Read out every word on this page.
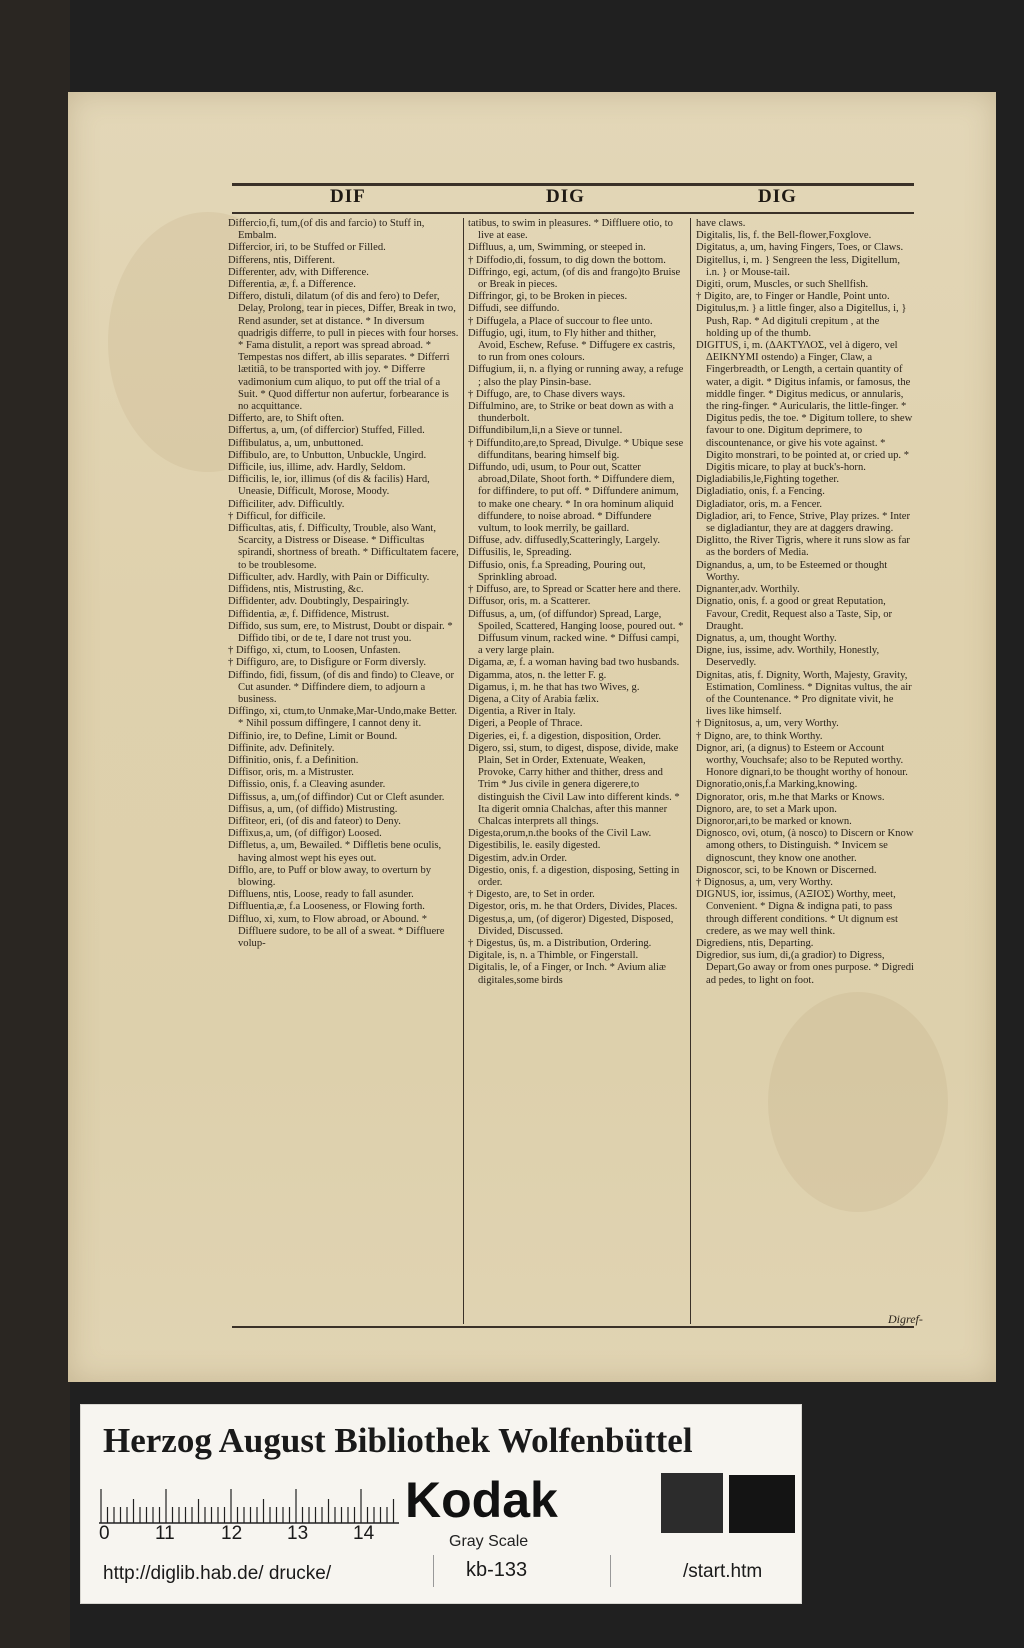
DIF	DIG	DIG

Differcio,fi, tum,(of dis and farcio) to Stuff in, Embalm.

Differcior, iri, to be Stuffed or Filled.

Differens, ntis, Different.

Differenter, adv, with Difference.

Differentia, æ, f. a Difference.

Differo, distuli, dilatum (of dis and fero) to Defer, Delay, Prolong, tear in pieces, Differ, Break in two, Rend asunder, set at distance. * In diversum quadrigis differre, to pull in pieces with four horses. * Fama distulit, a report was spread abroad. * Tempestas nos differt, ab illis separates. * Differri lætitiâ, to be transported with joy. * Differre vadimonium cum aliquo, to put off the trial of a Suit. * Quod differtur non aufertur, forbearance is no acquittance.

Differto, are, to Shift often.

Differtus, a, um, (of differcior) Stuffed, Filled.

Diffibulatus, a, um, unbuttoned.

Diffibulo, are, to Unbutton, Unbuckle, Ungird.

Difficile, ius, illime, adv. Hardly, Seldom.

Difficilis, le, ior, illimus (of dis & facilis) Hard, Uneasie, Difficult, Morose, Moody.

Difficiliter, adv. Difficultly.

† Difficul, for difficile.

Difficultas, atis, f. Difficulty, Trouble, also Want, Scarcity, a Distress or Disease. * Difficultas spirandi, shortness of breath. * Difficultatem facere, to be troublesome.

Difficulter, adv. Hardly, with Pain or Difficulty.

Diffidens, ntis, Mistrusting, &c.

Diffidenter, adv. Doubtingly, Despairingly.

Diffidentia, æ, f. Diffidence, Mistrust.

Diffido, sus sum, ere, to Mistrust, Doubt or dispair. * Diffido tibi, or de te, I dare not trust you.

† Diffigo, xi, ctum, to Loosen, Unfasten.

† Diffiguro, are, to Disfigure or Form diversly.

Diffindo, fidi, fissum, (of dis and findo) to Cleave, or Cut asunder. * Diffindere diem, to adjourn a business.

Diffingo, xi, ctum,to Unmake,Mar-Undo,make Better. * Nihil possum diffingere, I cannot deny it.

Diffinio, ire, to Define, Limit or Bound.

Diffinite, adv. Definitely.

Diffinitio, onis, f. a Definition.

Diffisor, oris, m. a Mistruster.

Diffissio, onis, f. a Cleaving asunder.

Diffissus, a, um,(of diffindor) Cut or Cleft asunder.

Diffisus, a, um, (of diffido) Mistrusting.

Diffiteor, eri, (of dis and fateor) to Deny.

Diffixus,a, um, (of diffigor) Loosed.

Diffletus, a, um, Bewailed. * Diffletis bene oculis, having almost wept his eyes out.

Difflo, are, to Puff or blow away, to overturn by blowing.

Diffluens, ntis, Loose, ready to fall asunder.

Diffluentia,æ, f.a Looseness, or Flowing forth.

Diffluo, xi, xum, to Flow abroad, or Abound. * Diffluere sudore, to be all of a sweat. * Diffluere volup-

tatibus, to swim in pleasures. * Diffluere otio, to live at ease.

Diffluus, a, um, Swimming, or steeped in.

† Diffodio,di, fossum, to dig down the bottom.

Diffringo, egi, actum, (of dis and frango)to Bruise or Break in pieces.

Diffringor, gi, to be Broken in pieces.

Diffudi, see diffundo.

† Diffugela, a Place of succour to flee unto.

Diffugio, ugi, itum, to Fly hither and thither, Avoid, Eschew, Refuse. * Diffugere ex castris, to run from ones colours.

Diffugium, ii, n. a flying or running away, a refuge ; also the play Pinsin-base.

† Diffugo, are, to Chase divers ways.

Diffulmino, are, to Strike or beat down as with a thunderbolt.

Diffundibilum,li,n a Sieve or tunnel.

† Diffundito,are,to Spread, Divulge. * Ubique sese diffunditans, bearing himself big.

Diffundo, udi, usum, to Pour out, Scatter abroad,Dilate, Shoot forth. * Diffundere diem, for diffindere, to put off. * Diffundere animum, to make one cheary. * In ora hominum aliquid diffundere, to noise abroad. * Diffundere vultum, to look merrily, be gaillard.

Diffuse, adv. diffusedly,Scatteringly, Largely.

Diffusilis, le, Spreading.

Diffusio, onis, f.a Spreading, Pouring out, Sprinkling abroad.

† Diffuso, are, to Spread or Scatter here and there.

Diffusor, oris, m. a Scatterer.

Diffusus, a, um, (of diffundor) Spread, Large, Spoiled, Scattered, Hanging loose, poured out. * Diffusum vinum, racked wine. * Diffusi campi, a very large plain.

Digama, æ, f. a woman having bad two husbands.

Digamma, atos, n. the letter F. g.

Digamus, i, m. he that has two Wives, g.

Digena, a City of Arabia fælix.

Digentia, a River in Italy.

Digeri, a People of Thrace.

Digeries, ei, f. a digestion, disposition, Order.

Digero, ssi, stum, to digest, dispose, divide, make Plain, Set in Order, Extenuate, Weaken, Provoke, Carry hither and thither, dress and Trim * Jus civile in genera digerere,to distinguish the Civil Law into different kinds. * Ita digerit omnia Chalchas, after this manner Chalcas interprets all things.

Digesta,orum,n.the books of the Civil Law.

Digestibilis, le. easily digested.

Digestim, adv.in Order.

Digestio, onis, f. a digestion, disposing, Setting in order.

† Digesto, are, to Set in order.

Digestor, oris, m. he that Orders, Divides, Places.

Digestus,a, um, (of digeror) Digested, Disposed, Divided, Discussed.

† Digestus, ûs, m. a Distribution, Ordering.

Digitale, is, n. a Thimble, or Fingerstall.

Digitalis, le, of a Finger, or Inch. * Avium aliæ digitales,some birds

have claws.

Digitalis, lis, f. the Bell-flower,Foxglove.

Digitatus, a, um, having Fingers, Toes, or Claws.

Digitellus, i, m. } Sengreen the less, Digitellum, i.n. } or Mouse-tail.

Digiti, orum, Muscles, or such Shellfish.

† Digito, are, to Finger or Handle, Point unto.

Digitulus,m. } a little finger, also a Digitellus, i, } Push, Rap. * Ad digituli crepitum , at the holding up of the thumb.

DIGITUS, i, m. (ΔΑΚΤΥΛΟΣ, vel à digero, vel ΔΕΙΚΝΥΜΙ ostendo) a Finger, Claw, a Fingerbreadth, or Length, a certain quantity of water, a digit. * Digitus infamis, or famosus, the middle finger. * Digitus medicus, or annularis, the ring-finger. * Auricularis, the little-finger. * Digitus pedis, the toe. * Digitum tollere, to shew favour to one. Digitum deprimere, to discountenance, or give his vote against. * Digito monstrari, to be pointed at, or cried up. * Digitis micare, to play at buck's-horn.

Digladiabilis,le,Fighting together.

Digladiatio, onis, f. a Fencing.

Digladiator, oris, m. a Fencer.

Digladior, ari, to Fence, Strive, Play prizes. * Inter se digladiantur, they are at daggers drawing.

Diglitto, the River Tigris, where it runs slow as far as the borders of Media.

Dignandus, a, um, to be Esteemed or thought Worthy.

Dignanter,adv. Worthily.

Dignatio, onis, f. a good or great Reputation, Favour, Credit, Request also a Taste, Sip, or Draught.

Dignatus, a, um, thought Worthy.

Digne, ius, issime, adv. Worthily, Honestly, Deservedly.

Dignitas, atis, f. Dignity, Worth, Majesty, Gravity, Estimation, Comliness. * Dignitas vultus, the air of the Countenance. * Pro dignitate vivit, he lives like himself.

† Dignitosus, a, um, very Worthy.

† Digno, are, to think Worthy.

Dignor, ari, (a dignus) to Esteem or Account worthy, Vouchsafe; also to be Reputed worthy. Honore dignari,to be thought worthy of honour.

Dignoratio,onis,f.a Marking,knowing.

Dignorator, oris, m.he that Marks or Knows.

Dignoro, are, to set a Mark upon.

Dignoror,ari,to be marked or known.

Dignosco, ovi, otum, (à nosco) to Discern or Know among others, to Distinguish. * Invicem se dignoscunt, they know one another.

Dignoscor, sci, to be Known or Discerned.

† Dignosus, a, um, very Worthy.

DIGNUS, ior, issimus, (ΑΞΙΟΣ) Worthy, meet, Convenient. * Digna & indigna pati, to pass through different conditions. * Ut dignum est credere, as we may well think.

Digrediens, ntis, Departing.

Digredior, sus ium, di,(a gradior) to Digress, Depart,Go away or from ones purpose. * Digredi ad pedes, to light on foot.

Digref-
Herzog August Bibliothek Wolfenbüttel
0 11 12 13 14
Kodak
Gray Scale
http://diglib.hab.de/ drucke/	kb-133	/start.htm
